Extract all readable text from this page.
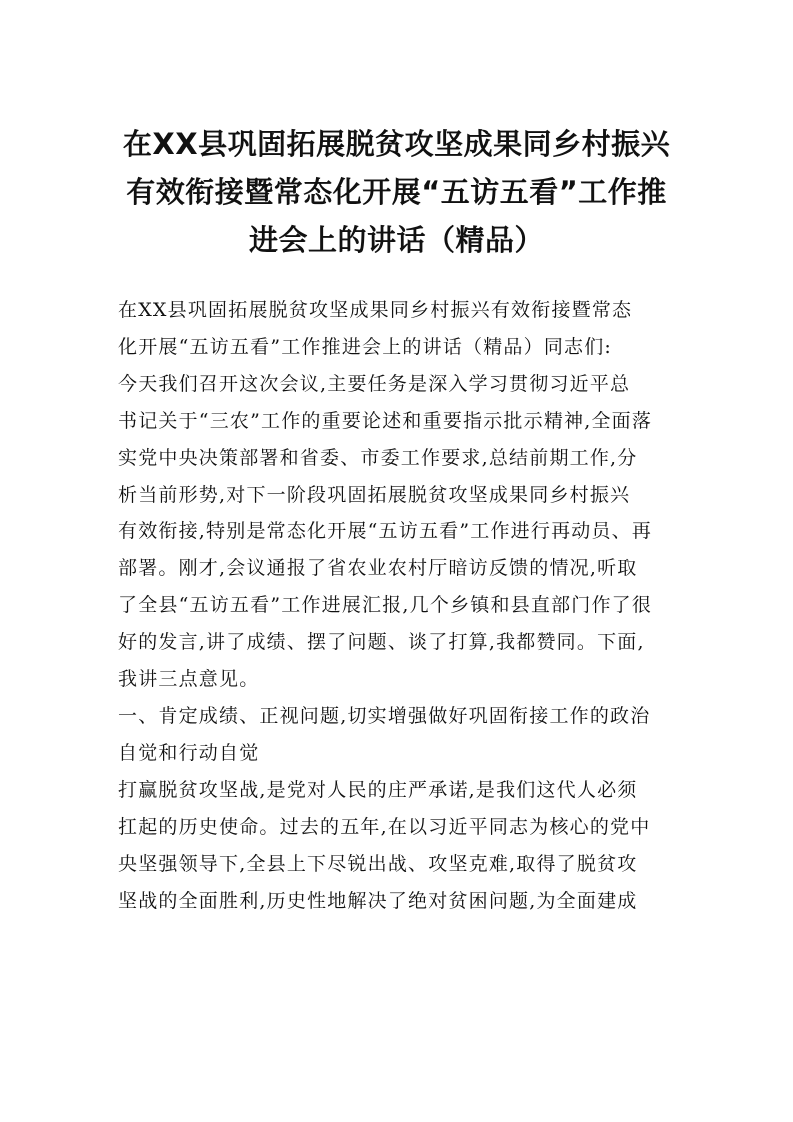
在XX县巩固拓展脱贫攻坚成果同乡村振兴
有效衔接暨常态化开展“五访五看”工作推
进会上的讲话（精品）

在XX县巩固拓展脱贫攻坚成果同乡村振兴有效衔接暨常态
化开展“五访五看”工作推进会上的讲话（精品）同志们:

今天我们召开这次会议,主要任务是深入学习贯彻习近平总
书记关于“三农”工作的重要论述和重要指示批示精神,全面落
实党中央决策部署和省委、市委工作要求,总结前期工作,分
析当前形势,对下一阶段巩固拓展脱贫攻坚成果同乡村振兴
有效衔接,特别是常态化开展“五访五看”工作进行再动员、再
部署。刚才,会议通报了省农业农村厅暗访反馈的情况,听取
了全县“五访五看”工作进展汇报,几个乡镇和县直部门作了很
好的发言,讲了成绩、摆了问题、谈了打算,我都赞同。下面,
我讲三点意见。

一、肯定成绩、正视问题,切实增强做好巩固衔接工作的政治
自觉和行动自觉

打赢脱贫攻坚战,是党对人民的庄严承诺,是我们这代人必须
扛起的历史使命。过去的五年,在以习近平同志为核心的党中
央坚强领导下,全县上下尽锐出战、攻坚克难,取得了脱贫攻
坚战的全面胜利,历史性地解决了绝对贫困问题,为全面建成
